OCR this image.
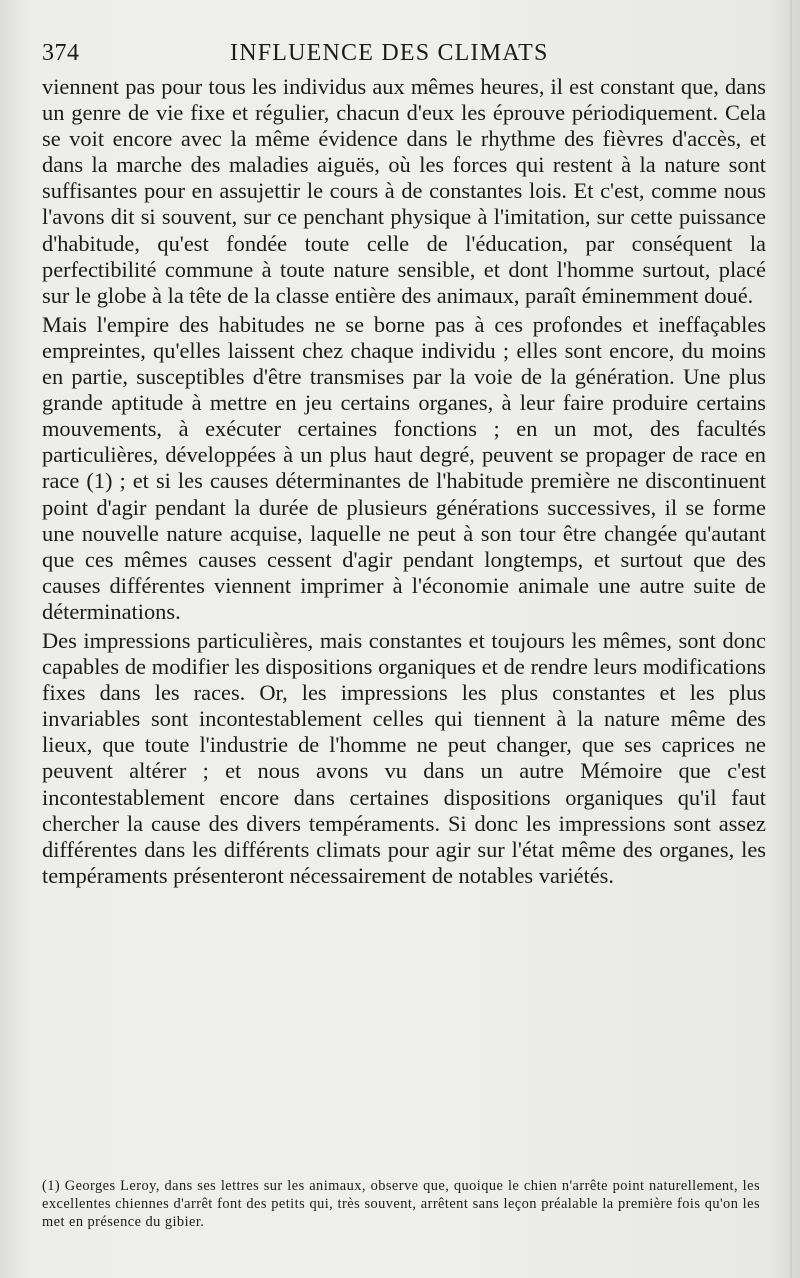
374	INFLUENCE DES CLIMATS

viennent pas pour tous les individus aux mêmes heures, il est constant que, dans un genre de vie fixe et régulier, chacun d'eux les éprouve périodiquement. Cela se voit encore avec la même évidence dans le rhythme des fièvres d'accès, et dans la marche des maladies aiguës, où les forces qui restent à la nature sont suffisantes pour en assujettir le cours à de constantes lois. Et c'est, comme nous l'avons dit si souvent, sur ce penchant physique à l'imitation, sur cette puissance d'habitude, qu'est fondée toute celle de l'éducation, par conséquent la perfectibilité commune à toute nature sensible, et dont l'homme surtout, placé sur le globe à la tête de la classe entière des animaux, paraît éminemment doué.

Mais l'empire des habitudes ne se borne pas à ces profondes et ineffaçables empreintes, qu'elles laissent chez chaque individu ; elles sont encore, du moins en partie, susceptibles d'être transmises par la voie de la génération. Une plus grande aptitude à mettre en jeu certains organes, à leur faire produire certains mouvements, à exécuter certaines fonctions ; en un mot, des facultés particulières, développées à un plus haut degré, peuvent se propager de race en race (1) ; et si les causes déterminantes de l'habitude première ne discontinuent point d'agir pendant la durée de plusieurs générations successives, il se forme une nouvelle nature acquise, laquelle ne peut à son tour être changée qu'autant que ces mêmes causes cessent d'agir pendant longtemps, et surtout que des causes différentes viennent imprimer à l'économie animale une autre suite de déterminations.

Des impressions particulières, mais constantes et toujours les mêmes, sont donc capables de modifier les dispositions organiques et de rendre leurs modifications fixes dans les races. Or, les impressions les plus constantes et les plus invariables sont incontestablement celles qui tiennent à la nature même des lieux, que toute l'industrie de l'homme ne peut changer, que ses caprices ne peuvent altérer ; et nous avons vu dans un autre Mémoire que c'est incontestablement encore dans certaines dispositions organiques qu'il faut chercher la cause des divers tempéraments. Si donc les impressions sont assez différentes dans les différents climats pour agir sur l'état même des organes, les tempéraments présenteront nécessairement de notables variétés.

(1) Georges Leroy, dans ses lettres sur les animaux, observe que, quoique le chien n'arrête point naturellement, les excellentes chiennes d'arrêt font des petits qui, très souvent, arrêtent sans leçon préalable la première fois qu'on les met en présence du gibier.
